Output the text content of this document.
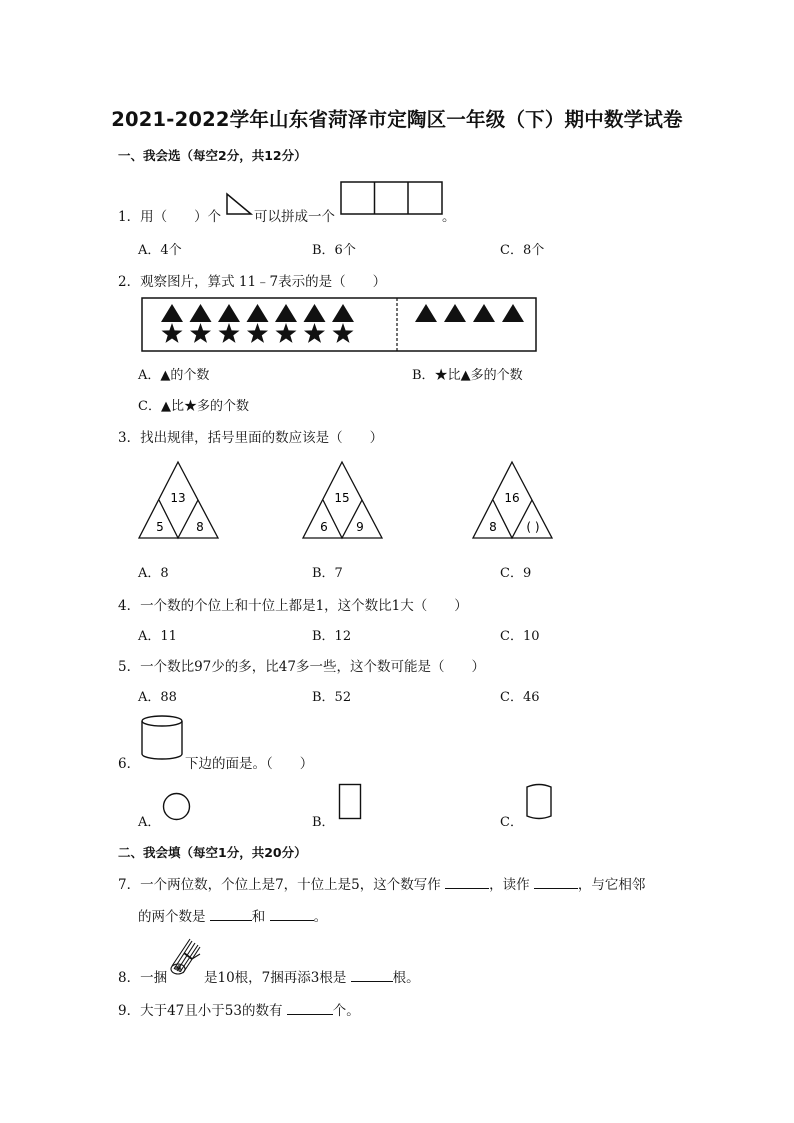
2021-2022学年山东省菏泽市定陶区一年级（下）期中数学试卷
一、我会选（每空2分，共12分）
1．用（　　）个 可以拼成一个	。
A．4个	B．6个	C．8个
2．观察图片，算式 11﹣7表示的是（　　）
A．▲的个数	B．★比▲多的个数
C．▲比★多的个数
3．找出规律，括号里面的数应该是（　　）
13
5	8
15
6 9
16
8 ( )
A．8	B．7	C．9
4．一个数的个位上和十位上都是1，这个数比1大（　　）
A．11	B．12	C．10
5．一个数比97少的多，比47多一些，这个数可能是（　　）
A．88	B．52	C．46
6．	下边的面是。（　　）
A．	B．	C．
二、我会填（每空1分，共20分）
7．一个两位数，个位上是7，十位上是5，这个数写作	，读作	，与它相邻
的两个数是	和	。
8．一捆	是10根，7捆再添3根是	根。
9．大于47且小于53的数有	个。
